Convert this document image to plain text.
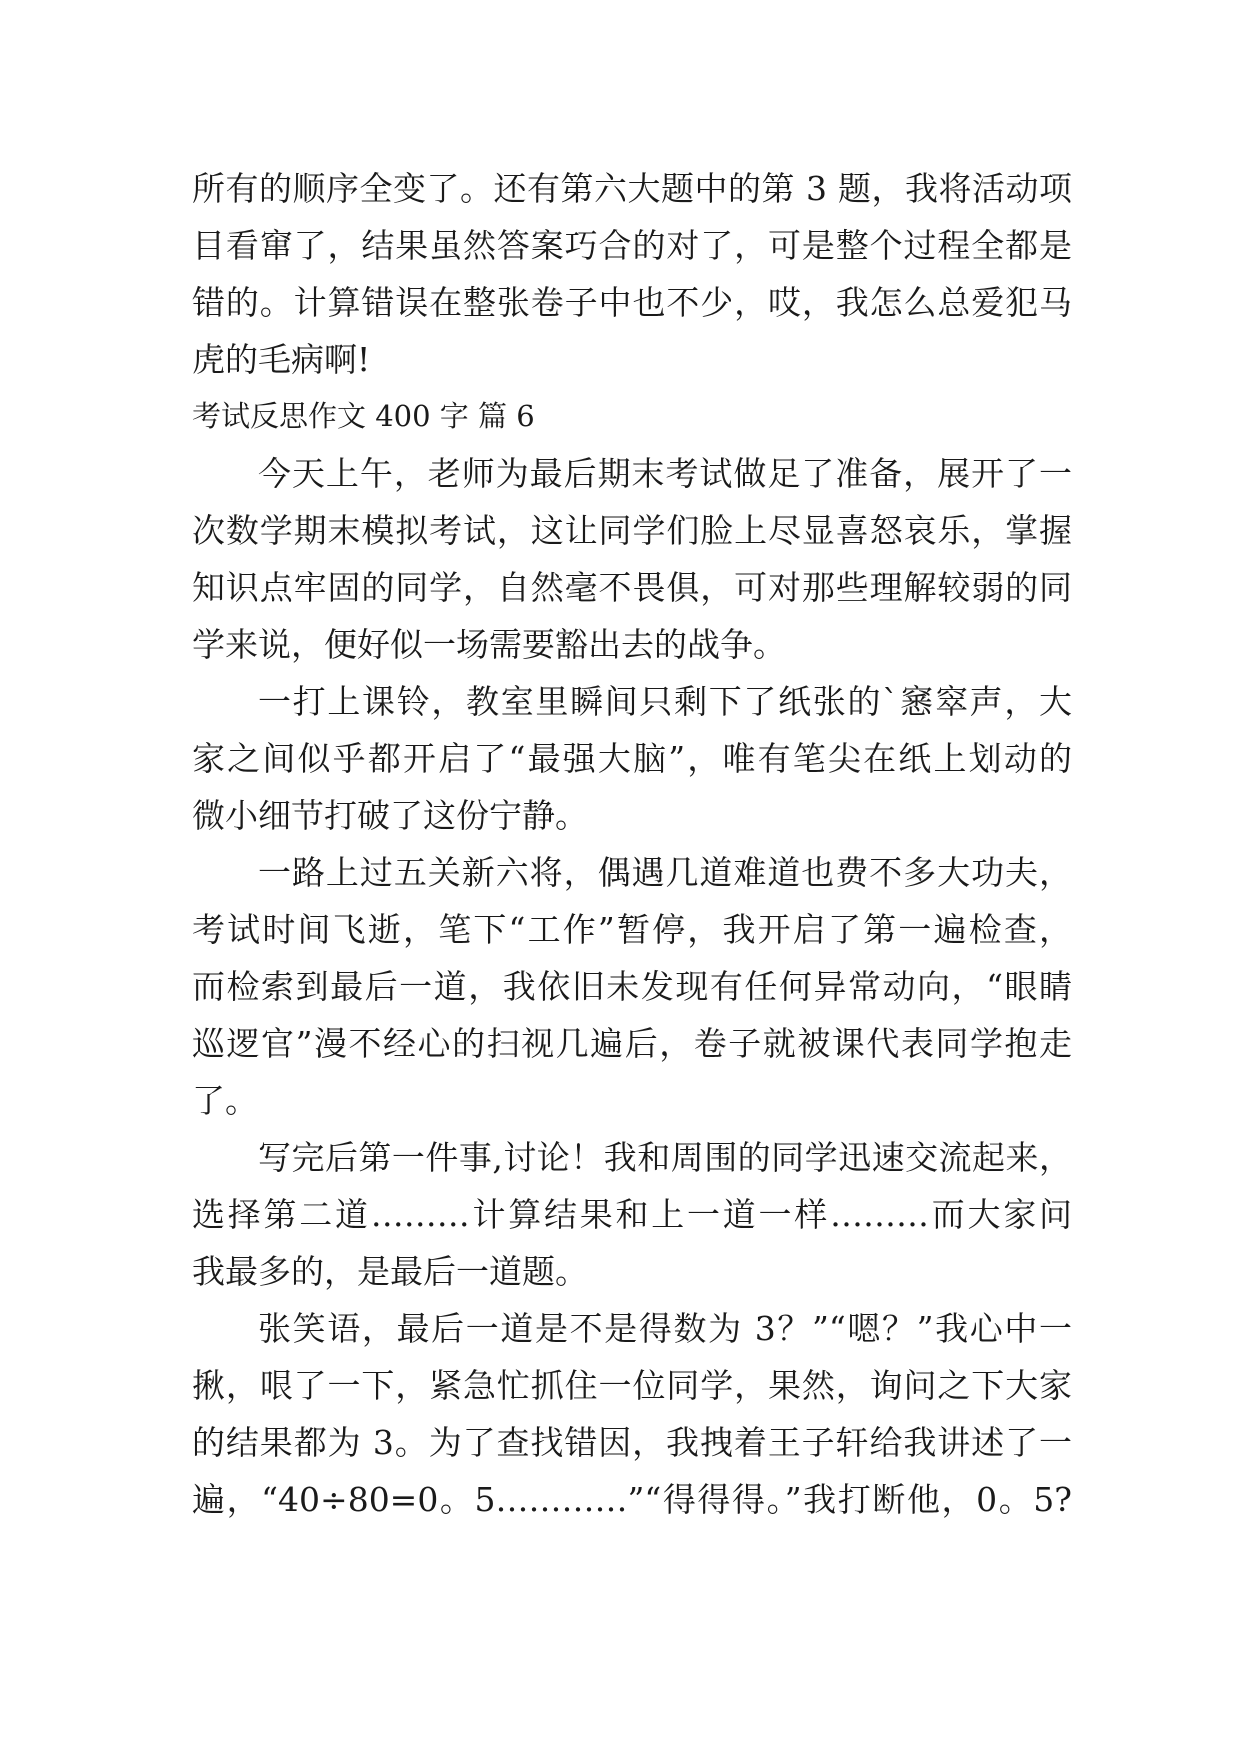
所有的顺序全变了。还有第六大题中的第 3 题，我将活动项
目看窜了，结果虽然答案巧合的对了，可是整个过程全都是
错的。计算错误在整张卷子中也不少，哎，我怎么总爱犯马
虎的毛病啊!
考试反思作文 400 字 篇 6
今天上午，老师为最后期末考试做足了准备，展开了一
次数学期末模拟考试，这让同学们脸上尽显喜怒哀乐，掌握
知识点牢固的同学，自然毫不畏俱，可对那些理解较弱的同
学来说，便好似一场需要豁出去的战争。
一打上课铃，教室里瞬间只剩下了纸张的`窸窣声，大
家之间似乎都开启了“最强大脑”，唯有笔尖在纸上划动的
微小细节打破了这份宁静。
一路上过五关新六将，偶遇几道难道也费不多大功夫，
考试时间飞逝，笔下“工作”暂停，我开启了第一遍检查，
而检索到最后一道，我依旧未发现有任何异常动向，“眼睛
巡逻官”漫不经心的扫视几遍后，卷子就被课代表同学抱走
了。
写完后第一件事,讨论！我和周围的同学迅速交流起来，
选择第二道………计算结果和上一道一样………而大家问
我最多的，是最后一道题。
张笑语，最后一道是不是得数为 3？”“嗯？”我心中一
揪，哏了一下，紧急忙抓住一位同学，果然，询问之下大家
的结果都为 3。为了查找错因，我拽着王子轩给我讲述了一
遍，“40÷80=0。5…………”“得得得。”我打断他，0。5?
